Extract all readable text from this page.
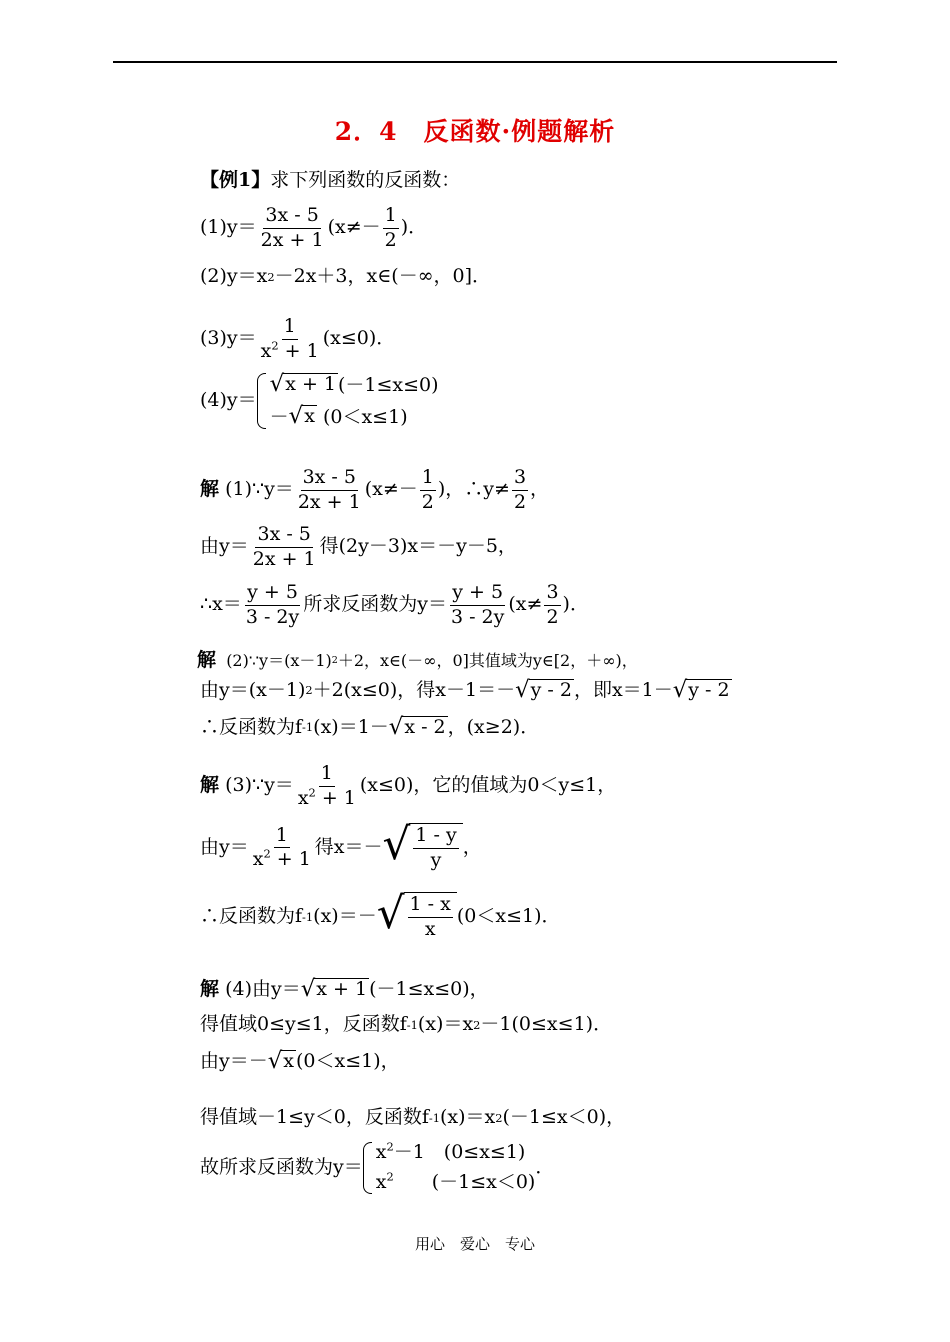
2．4　反函数·例题解析
【例1】 求下列函数的反函数：
$(1)y= \frac{3x - 5}{2x + 1} (x\ne- \frac{1}{2}$ )．
(2)y＝x 2 －2x＋3，x∈(－∞，0]．
$(3)y= \frac{1}{x^2 + 1} (x\le 0)$．
(4)y＝
√ x + 1 (－1≤x≤0)
－ √ x (0＜x≤1)
解
(1)∵y＝ $\frac{3x - 5}{2x + 1} (x\ne- \frac{1}{2}$ )，∴y≠ $\frac{3}{2}$ ，
由$y= \frac{3x - 5}{2x + 1}$ 得(2y－3)x＝－y－5，
∴x＝ $\frac{y + 5}{3 - 2y}$ 所求反函数为$y= \frac{y + 5}{3 - 2y} (x\ne \frac{3}{2}$ )．
解
(2)∵y＝(x－1) 2 ＋2，x∈(－∞，0]其值域为y∈[2，＋∞)，
由y＝(x－1) 2 ＋2(x≤0)，得x－1＝－ √ y - 2 ，即x＝1－ √ y - 2
∴反函数为f -1 (x)＝1－ √ x - 2 ，(x≥2)．
解
(3)∵y＝ $\frac{1}{x^2 + 1} (x\le 0)$，它的值域为0＜y≤1，
由$y= \frac{1}{x^2 + 1}$ 得x＝－ √ $\frac{1 - y}{y}$ ，
∴反函数为f -1 (x)＝－ √ $\frac{1 - x}{x} (0<x\le 1)$．
解
(4)由y＝ √ x + 1 (－1≤x≤0)，
得值域0≤y≤1，反函数f -1 (x)＝x 2 －1(0≤x≤1)．
由y＝－ √ x (0＜x≤1)，
得值域－1≤y＜0，反函数f -1 (x)＝x 2 (－1≤x＜0)，
故所求反函数为y＝
$x^2-1$　(0≤x≤1)
$x^2$　　(－1≤x＜0)
．
用心　爱心　专心
